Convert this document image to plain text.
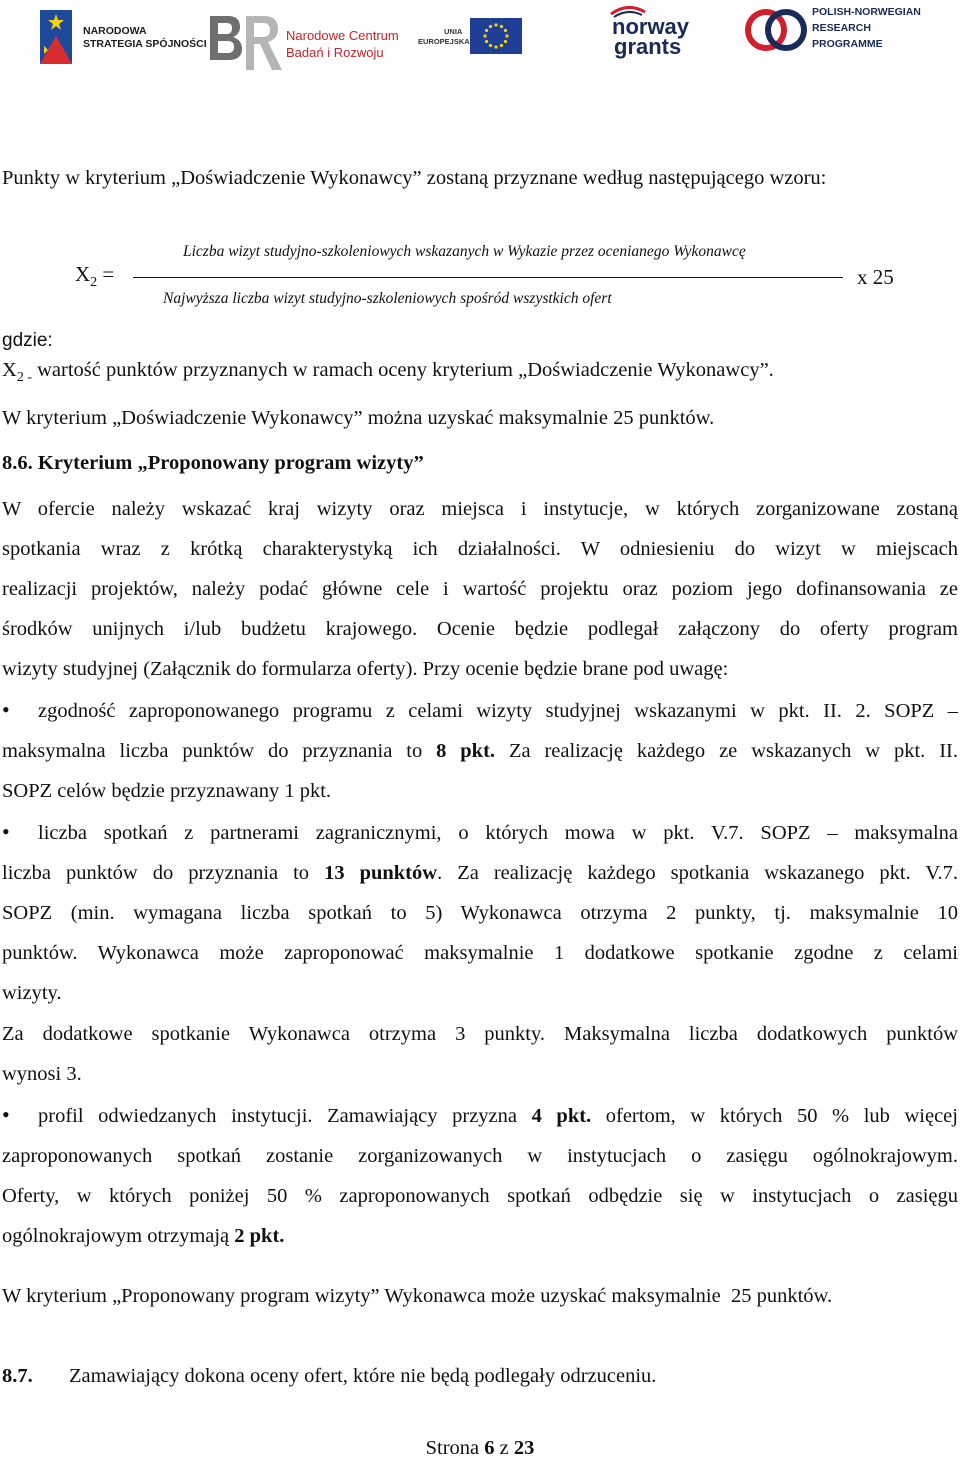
NARODOWA
STRATEGIA SPÓJNOŚCI
Narodowe Centrum
Badań i Rozwoju
UNIA
EUROPEJSKA
norway
grants
POLISH-NORWEGIAN
RESEARCH
PROGRAMME
Punkty w kryterium „Doświadczenie Wykonawcy” zostaną przyznane według następującego wzoru:
$X_2$ =
Liczba wizyt studyjno-szkoleniowych wskazanych w Wykazie przez ocenianego Wykonawcę
Najwyższa liczba wizyt studyjno-szkoleniowych spośród wszystkich ofert
x 25
gdzie:
$X_{2 -}$ wartość punktów przyznanych w ramach oceny kryterium „Doświadczenie Wykonawcy”.
W kryterium „Doświadczenie Wykonawcy” można uzyskać maksymalnie 25 punktów.
8.6. Kryterium „Proponowany program wizyty”
W ofercie należy wskazać kraj wizyty oraz miejsca i instytucje, w których zorganizowane zostaną
spotkania wraz z krótką charakterystyką ich działalności. W odniesieniu do wizyt w miejscach
realizacji projektów, należy podać główne cele i wartość projektu oraz poziom jego dofinansowania ze
środków unijnych i/lub budżetu krajowego. Ocenie będzie podlegał załączony do oferty program
wizyty studyjnej (Załącznik do formularza oferty). Przy ocenie będzie brane pod uwagę:
• zgodność zaproponowanego programu z celami wizyty studyjnej wskazanymi w pkt. II. 2. SOPZ –
maksymalna liczba punktów do przyznania to 8 pkt. Za realizację każdego ze wskazanych w pkt. II.
SOPZ celów będzie przyznawany 1 pkt.
• liczba spotkań z partnerami zagranicznymi, o których mowa w pkt. V.7. SOPZ – maksymalna
liczba punktów do przyznania to 13 punktów. Za realizację każdego spotkania wskazanego pkt. V.7.
SOPZ (min. wymagana liczba spotkań to 5) Wykonawca otrzyma 2 punkty, tj. maksymalnie 10
punktów. Wykonawca może zaproponować maksymalnie 1 dodatkowe spotkanie zgodne z celami
wizyty.
Za dodatkowe spotkanie Wykonawca otrzyma 3 punkty. Maksymalna liczba dodatkowych punktów
wynosi 3.
• profil odwiedzanych instytucji. Zamawiający przyzna 4 pkt. ofertom, w których 50 % lub więcej
zaproponowanych spotkań zostanie zorganizowanych w instytucjach o zasięgu ogólnokrajowym.
Oferty, w których poniżej 50 % zaproponowanych spotkań odbędzie się w instytucjach o zasięgu
ogólnokrajowym otrzymają 2 pkt.
W kryterium „Proponowany program wizyty” Wykonawca może uzyskać maksymalnie  25 punktów.
8.7.	Zamawiający dokona oceny ofert, które nie będą podlegały odrzuceniu.
Strona 6 z 23
